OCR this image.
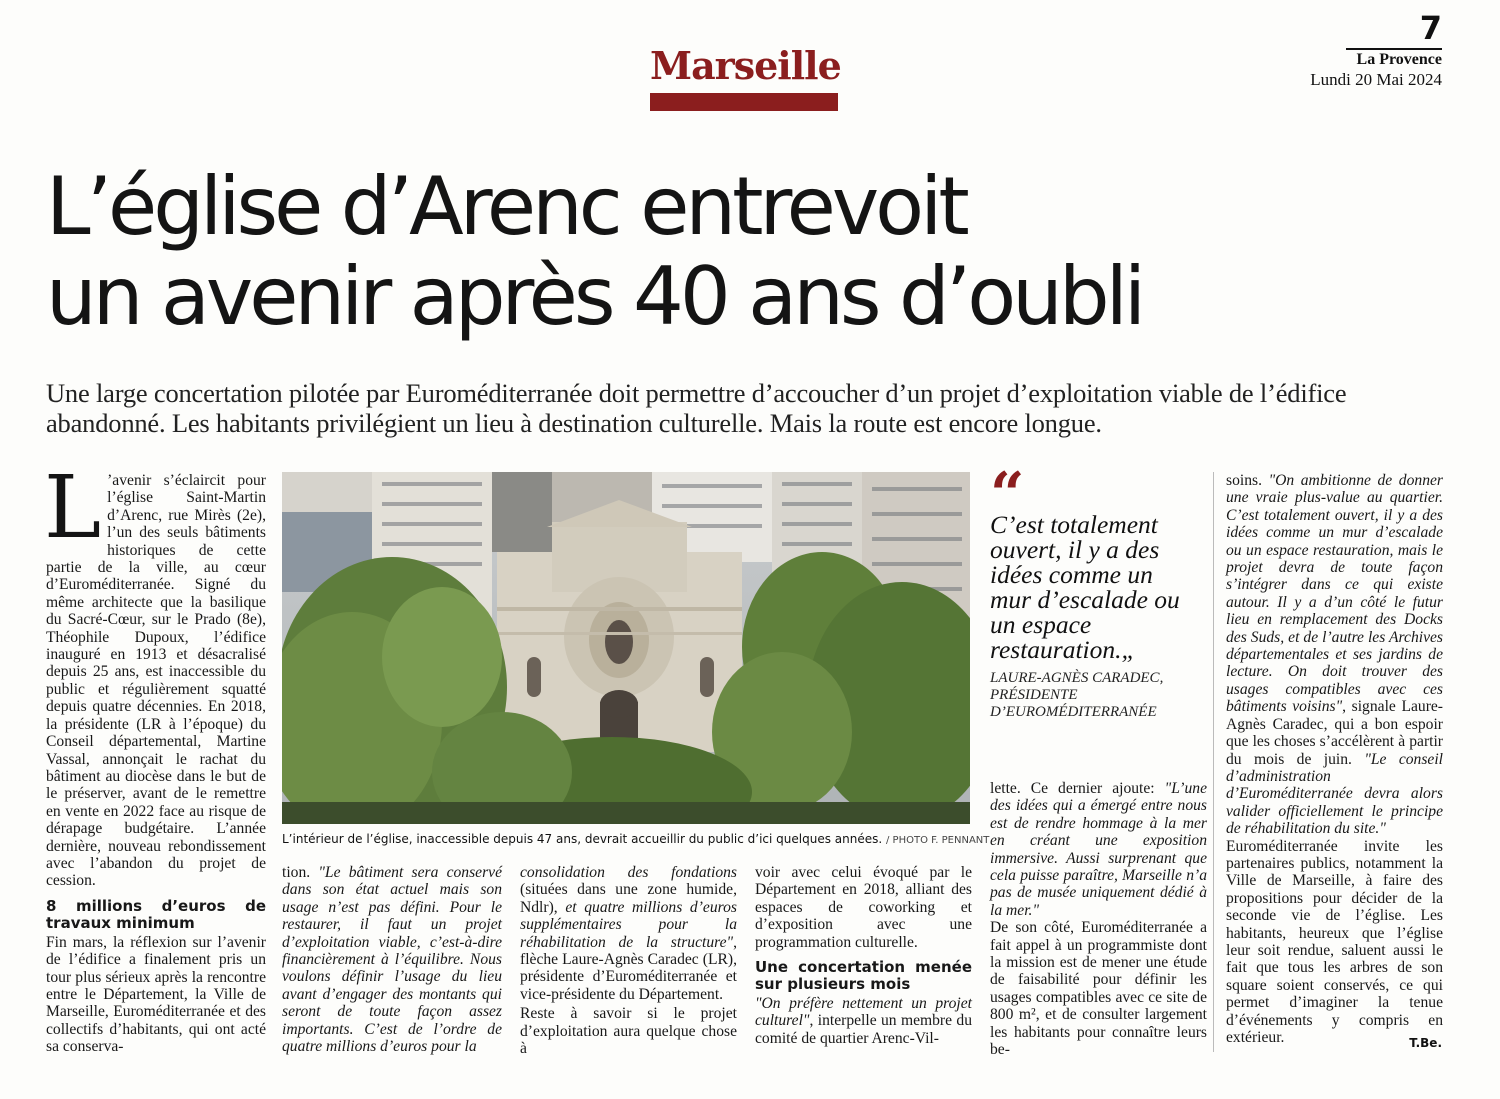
Marseille
7
La Provence
Lundi 20 Mai 2024
L’église d’Arenc entrevoit
un avenir après 40 ans d’oubli
Une large concertation pilotée par Euroméditerranée doit permettre d’accoucher d’un projet d’exploitation viable de l’édifice abandonné. Les habitants privilégient un lieu à destination culturelle. Mais la route est encore longue.

L ’avenir s’éclaircit pour l’église Saint-Martin d’Arenc, rue Mirès (2e), l’un des seuls bâtiments historiques de cette partie de la ville, au cœur d’Euroméditerranée. Signé du même architecte que la basilique du Sacré-Cœur, sur le Prado (8e), Théophile Dupoux, l’édifice inauguré en 1913 et désacralisé depuis 25 ans, est inaccessible du public et régulièrement squatté depuis quatre décennies. En 2018, la présidente (LR à l’époque) du Conseil départemental, Martine Vassal, annonçait le rachat du bâtiment au diocèse dans le but de le préserver, avant de le remettre en vente en 2022 face au risque de dérapage budgétaire. L’année dernière, nouveau rebondissement avec l’abandon du projet de cession.

8 millions d’euros de travaux minimum

Fin mars, la réflexion sur l’avenir de l’édifice a finalement pris un tour plus sérieux après la rencontre entre le Département, la Ville de Marseille, Euroméditerranée et des collectifs d’habitants, qui ont acté sa conserva-

L’intérieur de l’église, inaccessible depuis 47 ans, devrait accueillir du public d’ici quelques années. / PHOTO F. PENNANT
“
C’est totalement ouvert, il y a des idées comme un mur d’escalade ou un espace restauration.„
LAURE-AGNÈS CARADEC, PRÉSIDENTE D’EUROMÉDITERRANÉE

tion. "Le bâtiment sera conservé dans son état actuel mais son usage n’est pas défini. Pour le restaurer, il faut un projet d’exploitation viable, c’est-à-dire financièrement à l’équilibre. Nous voulons définir l’usage du lieu avant d’engager des montants qui seront de toute façon assez importants. C’est de l’ordre de quatre millions d’euros pour la

consolidation des fondations (situées dans une zone humide, Ndlr), et quatre millions d’euros supplémentaires pour la réhabilitation de la structure", flèche Laure-Agnès Caradec (LR), présidente d’Euroméditerranée et vice-présidente du Département.

Reste à savoir si le projet d’exploitation aura quelque chose à

voir avec celui évoqué par le Département en 2018, alliant des espaces de coworking et d’exposition avec une programmation culturelle.

Une concertation menée sur plusieurs mois

"On préfère nettement un projet culturel", interpelle un membre du comité de quartier Arenc-Vil-

lette. Ce dernier ajoute: "L’une des idées qui a émergé entre nous est de rendre hommage à la mer en créant une exposition immersive. Aussi surprenant que cela puisse paraître, Marseille n’a pas de musée uniquement dédié à la mer."

De son côté, Euroméditerranée a fait appel à un programmiste dont la mission est de mener une étude de faisabilité pour définir les usages compatibles avec ce site de 800 m², et de consulter largement les habitants pour connaître leurs be-

soins. "On ambitionne de donner une vraie plus-value au quartier. C’est totalement ouvert, il y a des idées comme un mur d’escalade ou un espace restauration, mais le projet devra de toute façon s’intégrer dans ce qui existe autour. Il y a d’un côté le futur lieu en remplacement des Docks des Suds, et de l’autre les Archives départementales et ses jardins de lecture. On doit trouver des usages compatibles avec ces bâtiments voisins", signale Laure-Agnès Caradec, qui a bon espoir que les choses s’accélèrent à partir du mois de juin. "Le conseil d’administration d’Euroméditerranée devra alors valider officiellement le principe de réhabilitation du site."

Euroméditerranée invite les partenaires publics, notamment la Ville de Marseille, à faire des propositions pour décider de la seconde vie de l’église. Les habitants, heureux que l’église leur soit rendue, saluent aussi le fait que tous les arbres de son square soient conservés, ce qui permet d’imaginer la tenue d’événements y compris en extérieur.	T.Be.
